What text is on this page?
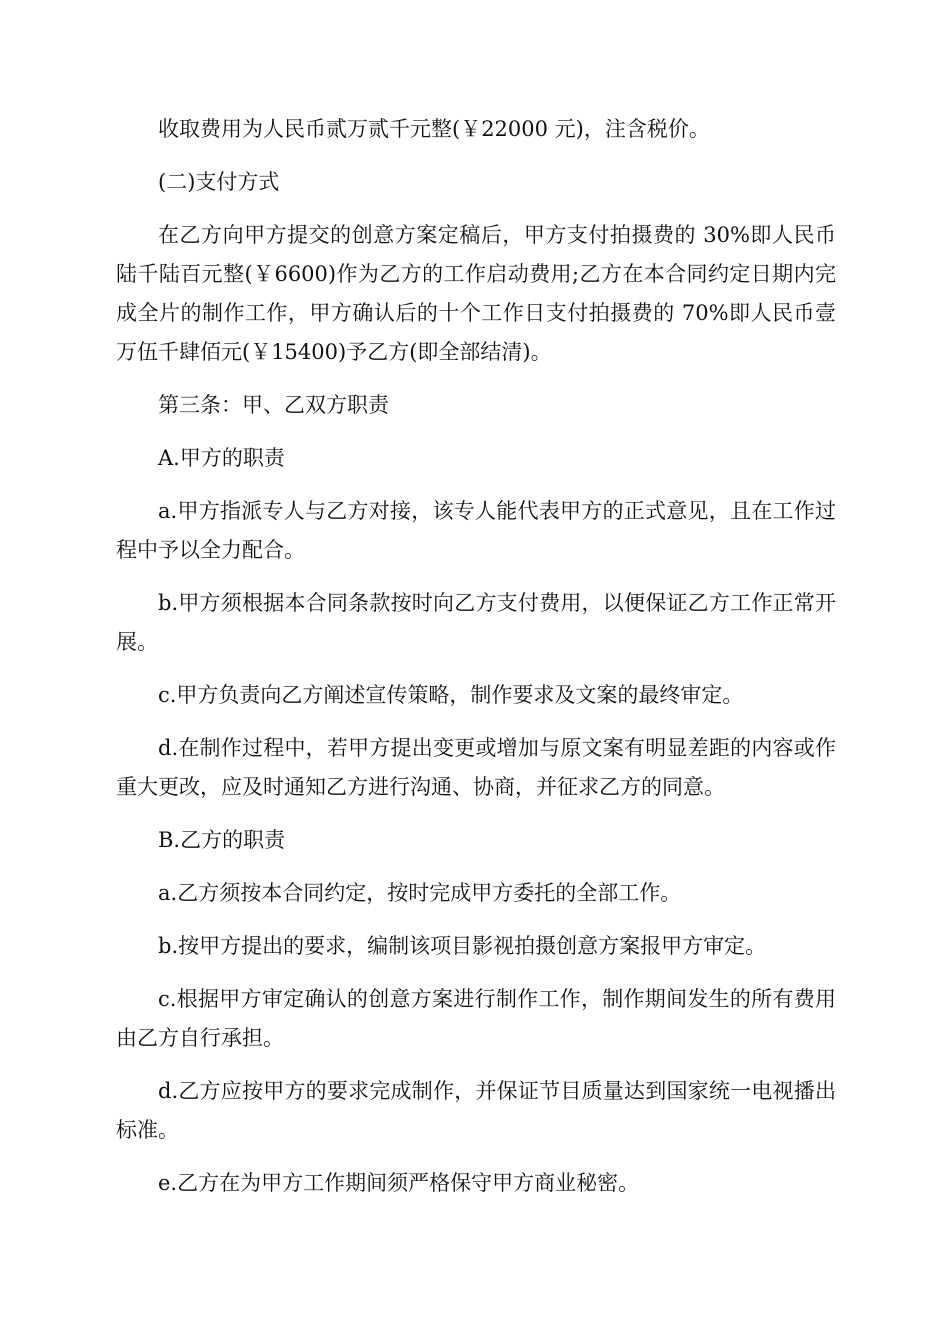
收取费用为人民币贰万贰千元整(￥22000 元)，注含税价。

(二)支付方式

在乙方向甲方提交的创意方案定稿后，甲方支付拍摄费的 30%即人民币陆千陆百元整(￥6600)作为乙方的工作启动费用;乙方在本合同约定日期内完成全片的制作工作，甲方确认后的十个工作日支付拍摄费的 70%即人民币壹万伍千肆佰元(￥15400)予乙方(即全部结清)。

第三条：甲、乙双方职责

A.甲方的职责

a.甲方指派专人与乙方对接，该专人能代表甲方的正式意见，且在工作过程中予以全力配合。

b.甲方须根据本合同条款按时向乙方支付费用，以便保证乙方工作正常开展。

c.甲方负责向乙方阐述宣传策略，制作要求及文案的最终审定。

d.在制作过程中，若甲方提出变更或增加与原文案有明显差距的内容或作重大更改，应及时通知乙方进行沟通、协商，并征求乙方的同意。

B.乙方的职责

a.乙方须按本合同约定，按时完成甲方委托的全部工作。

b.按甲方提出的要求，编制该项目影视拍摄创意方案报甲方审定。

c.根据甲方审定确认的创意方案进行制作工作，制作期间发生的所有费用由乙方自行承担。

d.乙方应按甲方的要求完成制作，并保证节目质量达到国家统一电视播出标准。

e.乙方在为甲方工作期间须严格保守甲方商业秘密。
